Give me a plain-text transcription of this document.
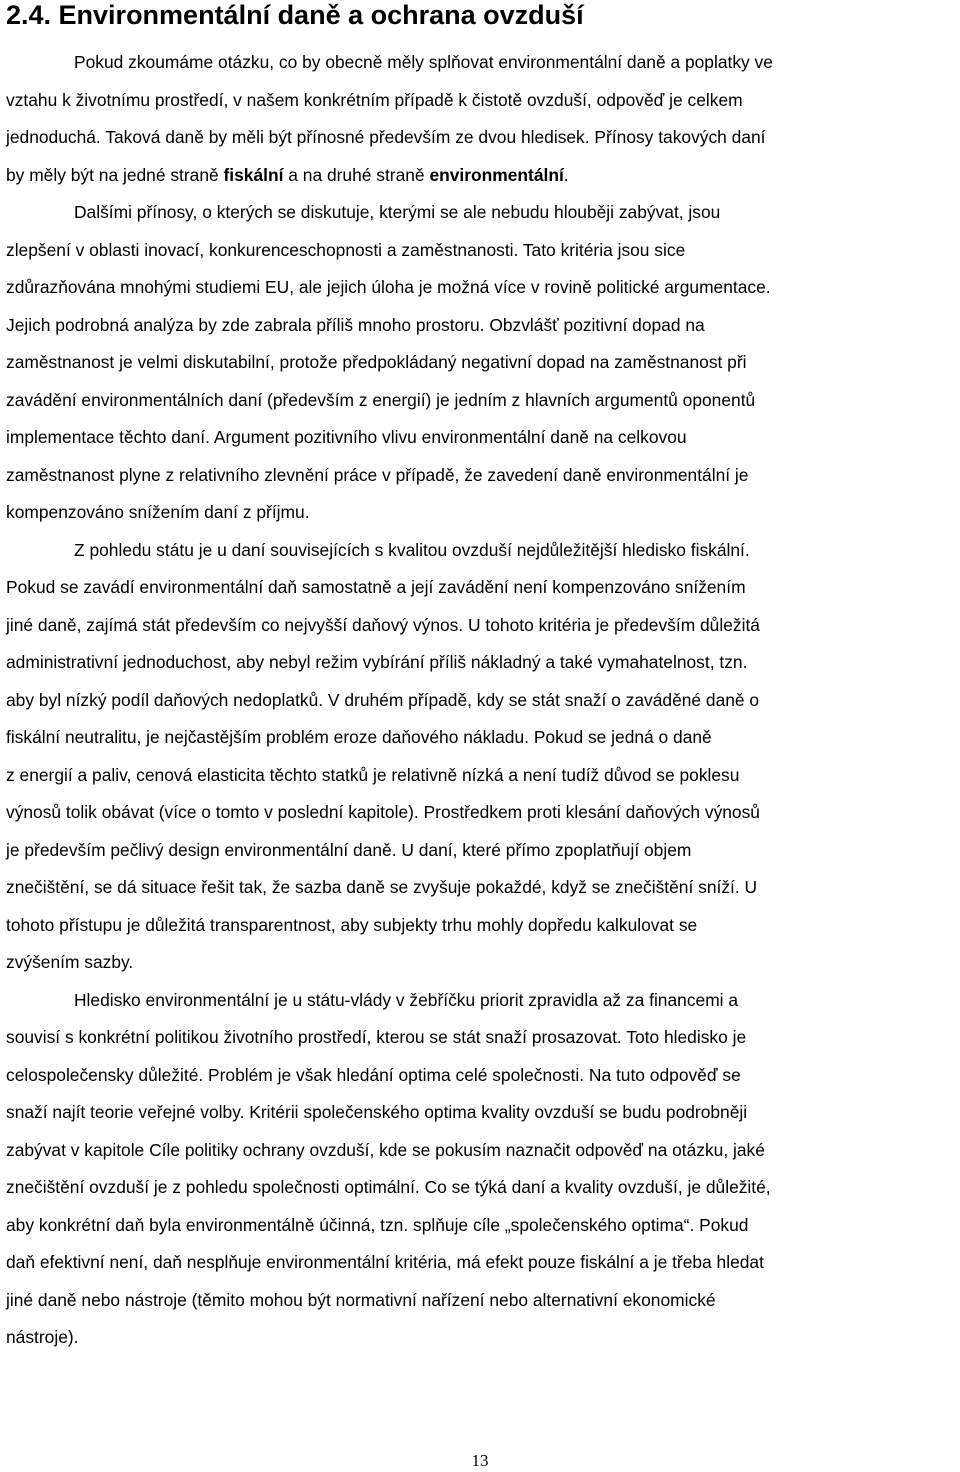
2.4. Environmentální daně a ochrana ovzduší
Pokud zkoumáme otázku, co by obecně měly splňovat environmentální daně a poplatky ve
vztahu k životnímu prostředí, v našem konkrétním případě k čistotě ovzduší, odpověď je celkem
jednoduchá. Taková daně by měli být přínosné především ze dvou hledisek. Přínosy takových daní
by měly být na jedné straně fiskální a na druhé straně environmentální.
Dalšími přínosy, o kterých se diskutuje, kterými se ale nebudu hlouběji zabývat, jsou
zlepšení v oblasti inovací, konkurenceschopnosti a zaměstnanosti. Tato kritéria jsou sice
zdůrazňována mnohými studiemi EU, ale jejich úloha je možná více v rovině politické argumentace.
Jejich podrobná analýza by zde zabrala příliš mnoho prostoru. Obzvlášť pozitivní dopad na
zaměstnanost je velmi diskutabilní, protože předpokládaný negativní dopad na zaměstnanost při
zavádění environmentálních daní (především z energií) je jedním z hlavních argumentů oponentů
implementace těchto daní. Argument pozitivního vlivu environmentální daně na celkovou
zaměstnanost plyne z relativního zlevnění práce v případě, že zavedení daně environmentální je
kompenzováno snížením daní z příjmu.
Z pohledu státu je u daní souvisejících s kvalitou ovzduší nejdůležitější hledisko fiskální.
Pokud se zavádí environmentální daň samostatně a její zavádění není kompenzováno snížením
jiné daně, zajímá stát především co nejvyšší daňový výnos. U tohoto kritéria je především důležitá
administrativní jednoduchost, aby nebyl režim vybírání příliš nákladný a také vymahatelnost, tzn.
aby byl nízký podíl daňových nedoplatků. V druhém případě, kdy se stát snaží o zaváděné daně o
fiskální neutralitu, je nejčastějším problém eroze daňového nákladu. Pokud se jedná o daně
z energií a paliv, cenová elasticita těchto statků je relativně nízká a není tudíž důvod se poklesu
výnosů tolik obávat (více o tomto v poslední kapitole). Prostředkem proti klesání daňových výnosů
je především pečlivý design environmentální daně. U daní, které přímo zpoplatňují objem
znečištění, se dá situace řešit tak, že sazba daně se zvyšuje pokaždé, když se znečištění sníží. U
tohoto přístupu je důležitá transparentnost, aby subjekty trhu mohly dopředu kalkulovat se
zvýšením sazby.
Hledisko environmentální je u státu-vlády v žebříčku priorit zpravidla až za financemi a
souvisí s konkrétní politikou životního prostředí, kterou se stát snaží prosazovat. Toto hledisko je
celospolečensky důležité. Problém je však hledání optima celé společnosti. Na tuto odpověď se
snaží najít teorie veřejné volby. Kritérii společenského optima kvality ovzduší se budu podrobněji
zabývat v kapitole Cíle politiky ochrany ovzduší, kde se pokusím naznačit odpověď na otázku, jaké
znečištění ovzduší je z pohledu společnosti optimální. Co se týká daní a kvality ovzduší, je důležité,
aby konkrétní daň byla environmentálně účinná, tzn. splňuje cíle „společenského optima“. Pokud
daň efektivní není, daň nesplňuje environmentální kritéria, má efekt pouze fiskální a je třeba hledat
jiné daně nebo nástroje (těmito mohou být normativní nařízení nebo alternativní ekonomické
nástroje).
13
